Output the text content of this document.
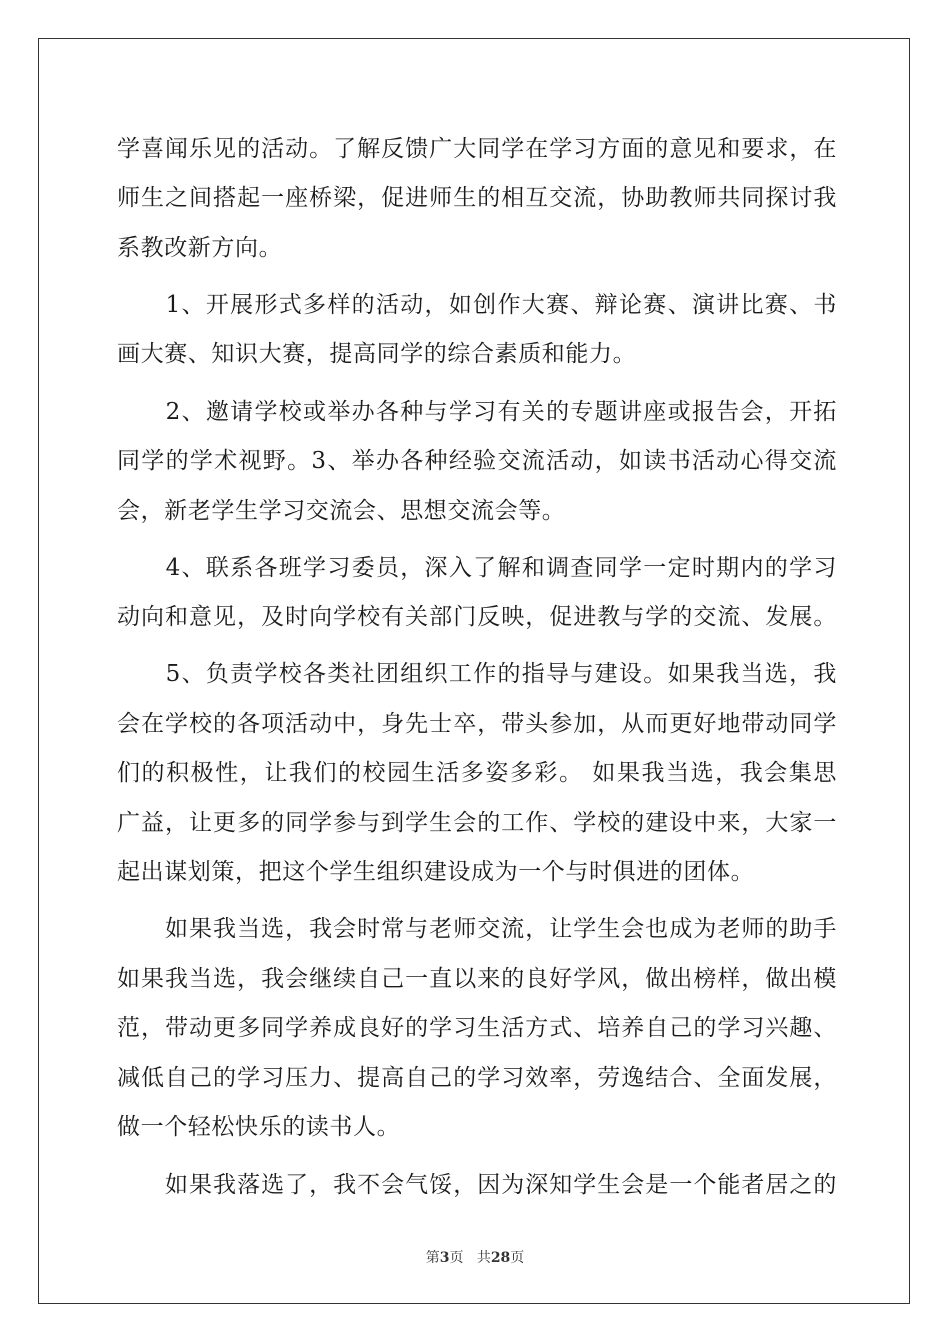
学喜闻乐见的活动。了解反馈广大同学在学习方面的意见和要求，在
师生之间搭起一座桥梁，促进师生的相互交流，协助教师共同探讨我
系教改新方向。
　　1、开展形式多样的活动，如创作大赛、辩论赛、演讲比赛、书
画大赛、知识大赛，提高同学的综合素质和能力。
　　2、邀请学校或举办各种与学习有关的专题讲座或报告会，开拓
同学的学术视野。3、举办各种经验交流活动，如读书活动心得交流
会，新老学生学习交流会、思想交流会等。
　　4、联系各班学习委员，深入了解和调查同学一定时期内的学习
动向和意见，及时向学校有关部门反映，促进教与学的交流、发展。
　　5、负责学校各类社团组织工作的指导与建设。如果我当选，我
会在学校的各项活动中，身先士卒，带头参加，从而更好地带动同学
们的积极性，让我们的校园生活多姿多彩。 如果我当选，我会集思
广益，让更多的同学参与到学生会的工作、学校的建设中来，大家一
起出谋划策，把这个学生组织建设成为一个与时俱进的团体。
　　如果我当选，我会时常与老师交流，让学生会也成为老师的助手
如果我当选，我会继续自己一直以来的良好学风，做出榜样，做出模
范，带动更多同学养成良好的学习生活方式、培养自己的学习兴趣、
减低自己的学习压力、提高自己的学习效率，劳逸结合、全面发展，
做一个轻松快乐的读书人。
　　如果我落选了，我不会气馁，因为深知学生会是一个能者居之的
第3页 共28页
